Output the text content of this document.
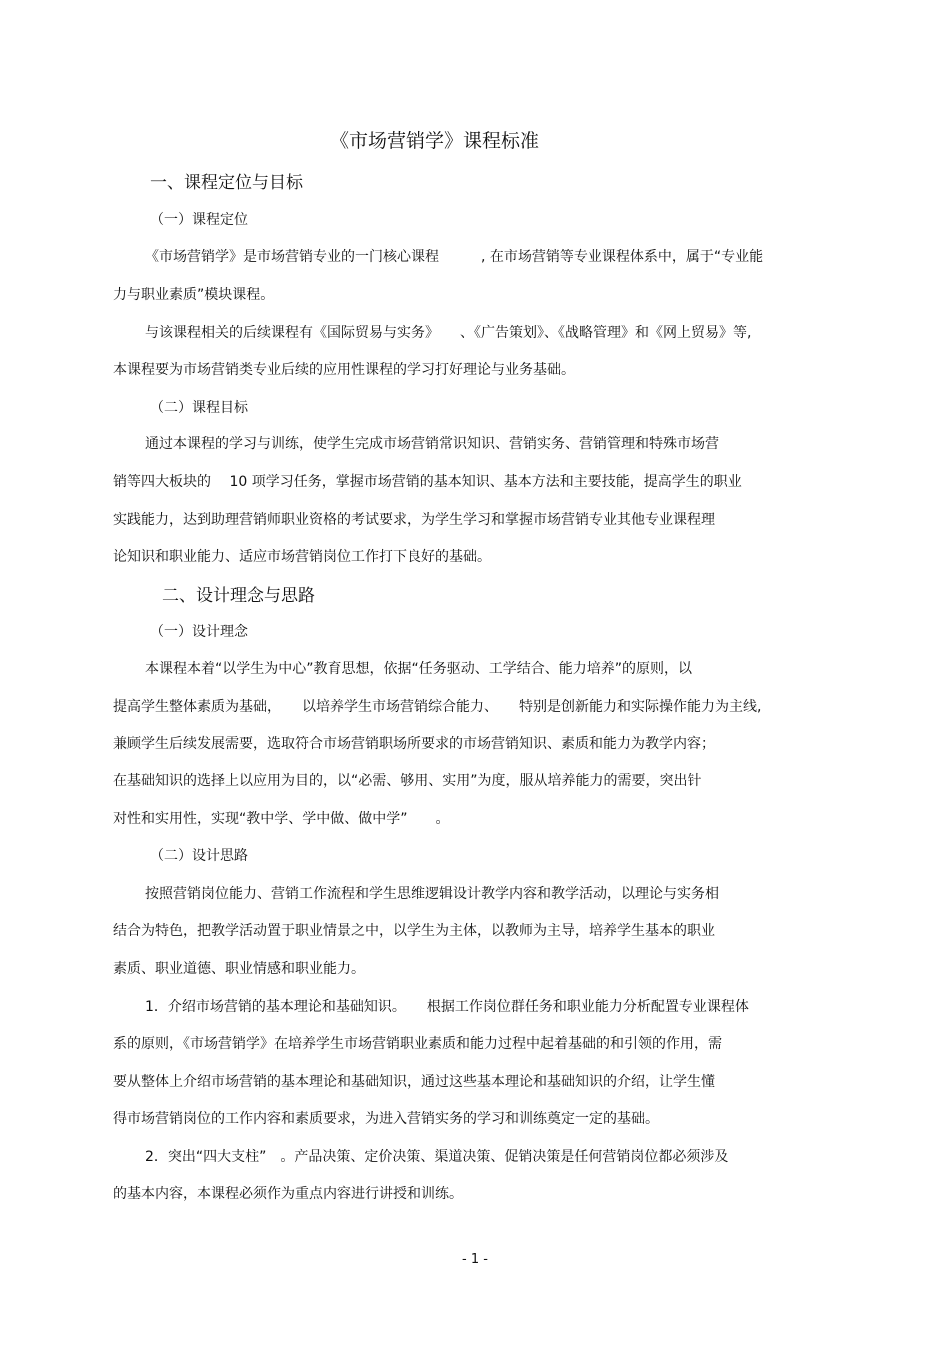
《市场营销学》课程标准
一、课程定位与目标
（一）课程定位
《市场营销学》是市场营销专业的一门核心课程　　　, 在市场营销等专业课程体系中，属于“专业能
力与职业素质”模块课程。
与该课程相关的后续课程有《国际贸易与实务》　　、《广告策划》、《战略管理》和《网上贸易》等,
本课程要为市场营销类专业后续的应用性课程的学习打好理论与业务基础。
（二）课程目标
通过本课程的学习与训练，使学生完成市场营销常识知识、营销实务、营销管理和特殊市场营
销等四大板块的　 10 项学习任务，掌握市场营销的基本知识、基本方法和主要技能，提高学生的职业
实践能力，达到助理营销师职业资格的考试要求，为学生学习和掌握市场营销专业其他专业课程理
论知识和职业能力、适应市场营销岗位工作打下良好的基础。
二、设计理念与思路
（一）设计理念
本课程本着“以学生为中心”教育思想，依据“任务驱动、工学结合、能力培养”的原则，以
提高学生整体素质为基础，　　以培养学生市场营销综合能力、　　特别是创新能力和实际操作能力为主线,
兼顾学生后续发展需要，选取符合市场营销职场所要求的市场营销知识、素质和能力为教学内容；
在基础知识的选择上以应用为目的，以“必需、够用、实用”为度，服从培养能力的需要，突出针
对性和实用性，实现“教中学、学中做、做中学”　　。
（二）设计思路
按照营销岗位能力、营销工作流程和学生思维逻辑设计教学内容和教学活动，以理论与实务相
结合为特色，把教学活动置于职业情景之中，以学生为主体，以教师为主导，培养学生基本的职业
素质、职业道德、职业情感和职业能力。
1．介绍市场营销的基本理论和基础知识。　　根据工作岗位群任务和职业能力分析配置专业课程体
系的原则，《市场营销学》在培养学生市场营销职业素质和能力过程中起着基础的和引领的作用，需
要从整体上介绍市场营销的基本理论和基础知识，通过这些基本理论和基础知识的介绍，让学生懂
得市场营销岗位的工作内容和素质要求，为进入营销实务的学习和训练奠定一定的基础。
2．突出“四大支柱”　。产品决策、定价决策、渠道决策、促销决策是任何营销岗位都必须涉及
的基本内容，本课程必须作为重点内容进行讲授和训练。
- 1 -
